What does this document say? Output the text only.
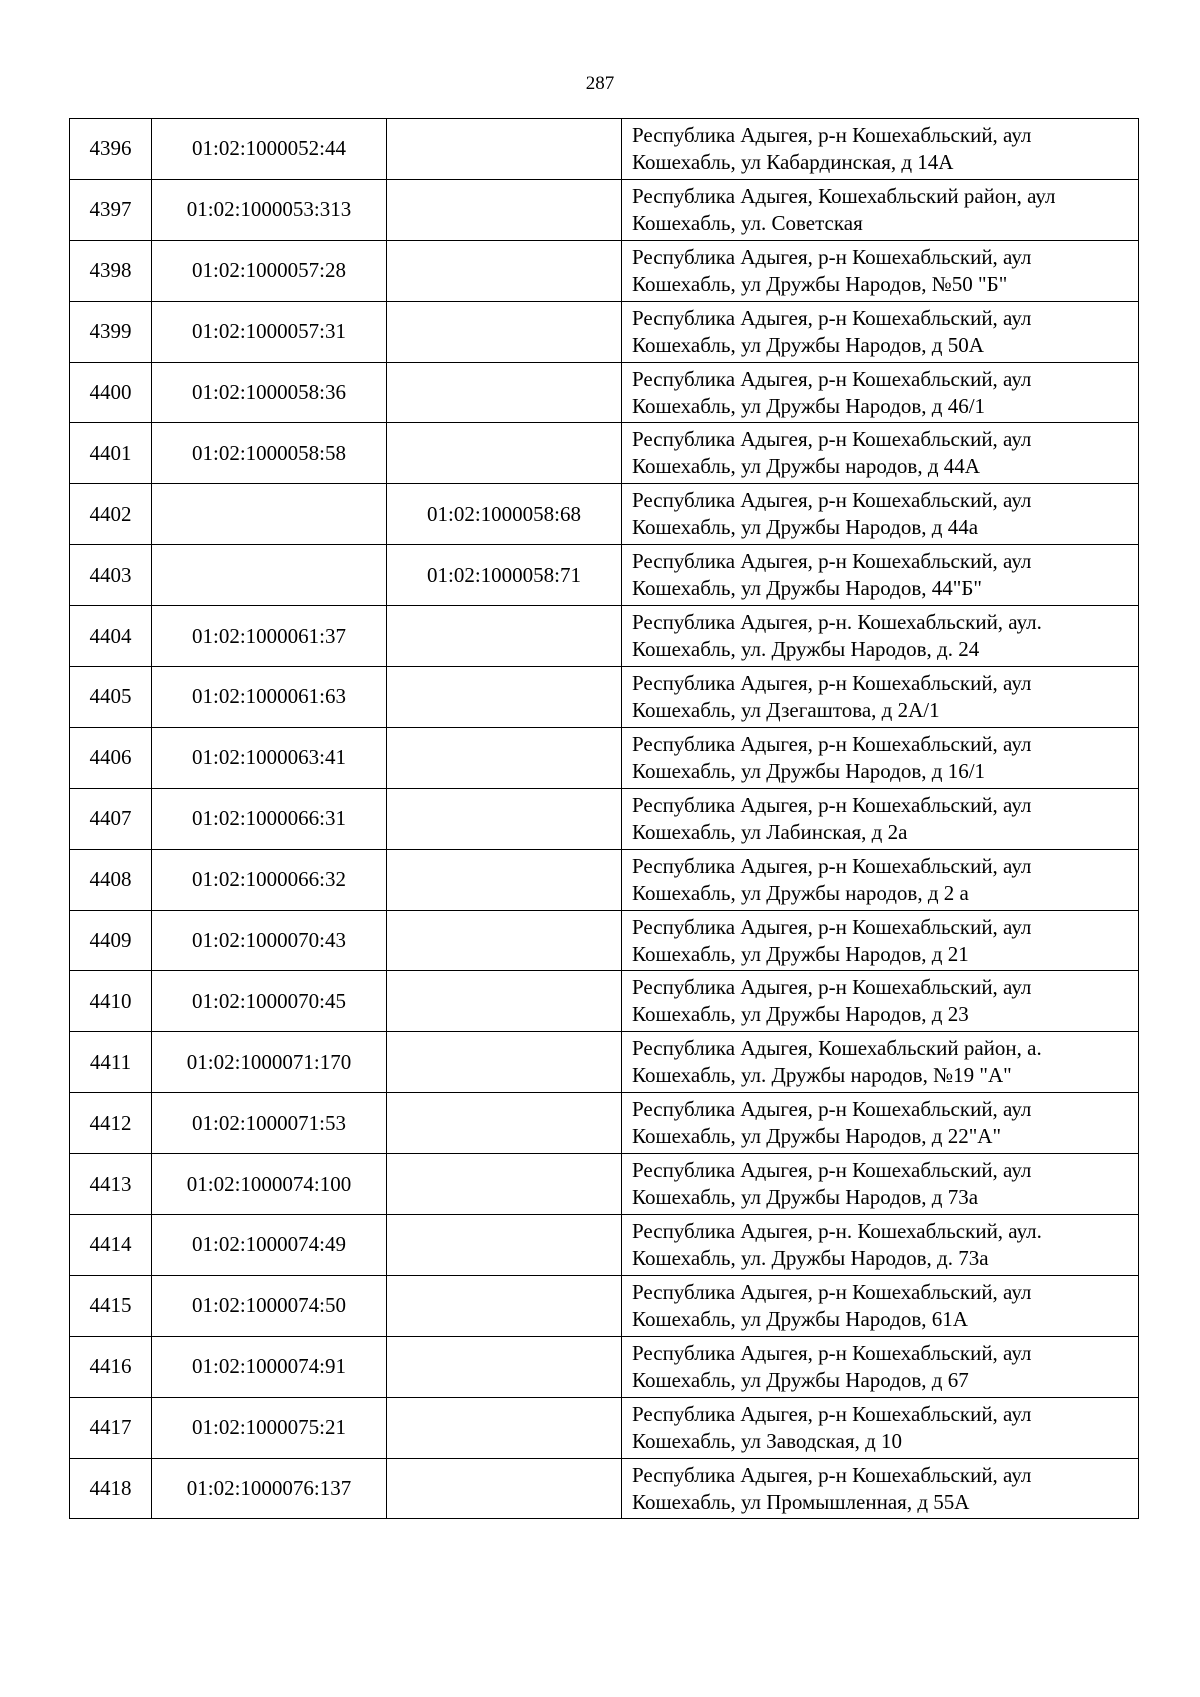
287
4396	01:02:1000052:44		Республика Адыгея, р-н Кошехабльский, аул
Кошехабль, ул Кабардинская, д 14А

4397	01:02:1000053:313		Республика Адыгея, Кошехабльский район, аул
Кошехабль, ул. Советская

4398	01:02:1000057:28		Республика Адыгея, р-н Кошехабльский, аул
Кошехабль, ул Дружбы Народов, №50 "Б"

4399	01:02:1000057:31		Республика Адыгея, р-н Кошехабльский, аул
Кошехабль, ул Дружбы Народов, д 50А

4400	01:02:1000058:36		Республика Адыгея, р-н Кошехабльский, аул
Кошехабль, ул Дружбы Народов, д 46/1

4401	01:02:1000058:58		Республика Адыгея, р-н Кошехабльский, аул
Кошехабль, ул Дружбы народов, д 44А

4402		01:02:1000058:68	Республика Адыгея, р-н Кошехабльский, аул
Кошехабль, ул Дружбы Народов, д 44а

4403		01:02:1000058:71	Республика Адыгея, р-н Кошехабльский, аул
Кошехабль, ул Дружбы Народов, 44"Б"

4404	01:02:1000061:37		Республика Адыгея, р-н. Кошехабльский, аул.
Кошехабль, ул. Дружбы Народов, д. 24

4405	01:02:1000061:63		Республика Адыгея, р-н Кошехабльский, аул
Кошехабль, ул Дзегаштова, д 2А/1

4406	01:02:1000063:41		Республика Адыгея, р-н Кошехабльский, аул
Кошехабль, ул Дружбы Народов, д 16/1

4407	01:02:1000066:31		Республика Адыгея, р-н Кошехабльский, аул
Кошехабль, ул Лабинская, д 2а

4408	01:02:1000066:32		Республика Адыгея, р-н Кошехабльский, аул
Кошехабль, ул Дружбы народов, д 2 а

4409	01:02:1000070:43		Республика Адыгея, р-н Кошехабльский, аул
Кошехабль, ул Дружбы Народов, д 21

4410	01:02:1000070:45		Республика Адыгея, р-н Кошехабльский, аул
Кошехабль, ул Дружбы Народов, д 23

4411	01:02:1000071:170		Республика Адыгея, Кошехабльский район, а.
Кошехабль, ул. Дружбы народов, №19 "А"

4412	01:02:1000071:53		Республика Адыгея, р-н Кошехабльский, аул
Кошехабль, ул Дружбы Народов, д 22"А"

4413	01:02:1000074:100		Республика Адыгея, р-н Кошехабльский, аул
Кошехабль, ул Дружбы Народов, д 73а

4414	01:02:1000074:49		Республика Адыгея, р-н. Кошехабльский, аул.
Кошехабль, ул. Дружбы Народов, д. 73а

4415	01:02:1000074:50		Республика Адыгея, р-н Кошехабльский, аул
Кошехабль, ул Дружбы Народов, 61А

4416	01:02:1000074:91		Республика Адыгея, р-н Кошехабльский, аул
Кошехабль, ул Дружбы Народов, д 67

4417	01:02:1000075:21		Республика Адыгея, р-н Кошехабльский, аул
Кошехабль, ул Заводская, д 10

4418	01:02:1000076:137		Республика Адыгея, р-н Кошехабльский, аул
Кошехабль, ул Промышленная, д 55А
